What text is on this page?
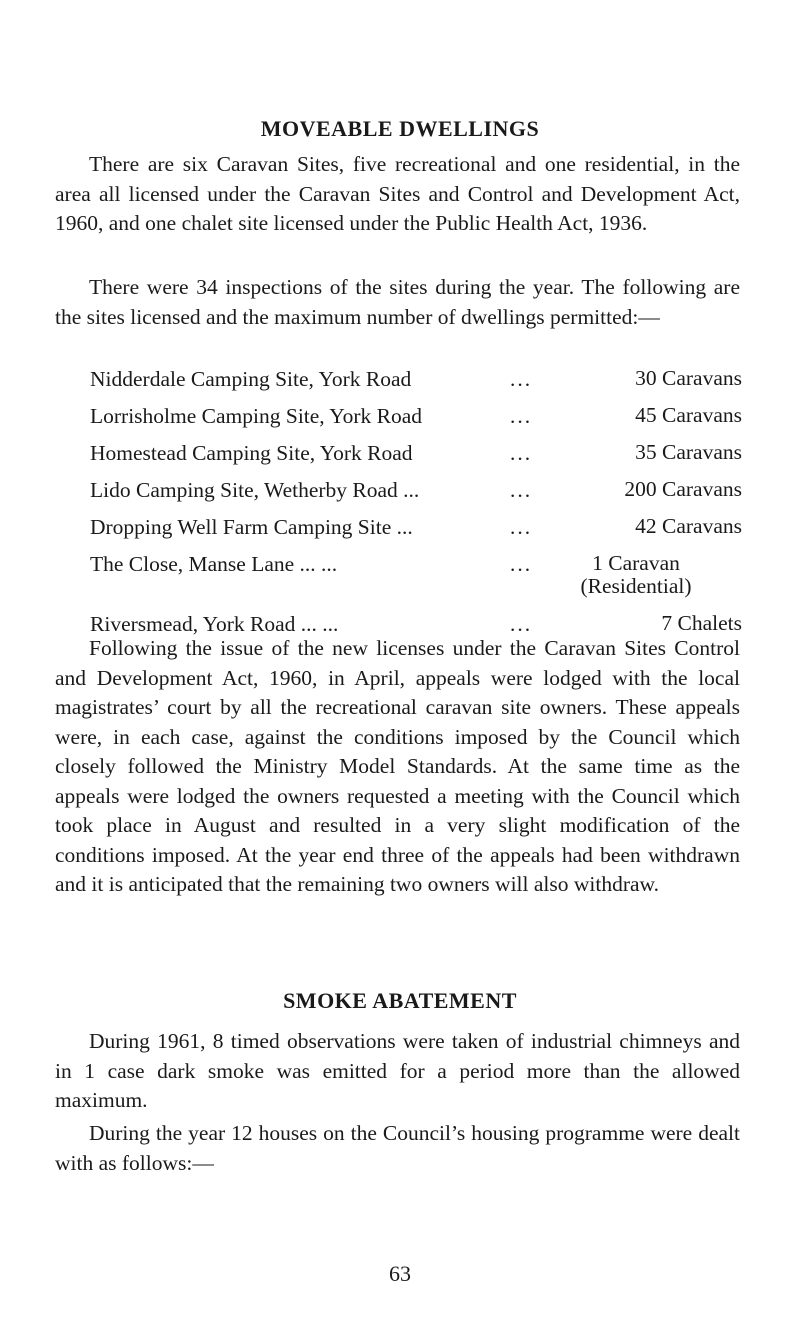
MOVEABLE DWELLINGS

There are six Caravan Sites, five recreational and one residential, in the area all licensed under the Caravan Sites and Control and Development Act, 1960, and one chalet site licensed under the Public Health Act, 1936.

There were 34 inspections of the sites during the year. The following are the sites licensed and the maximum number of dwellings permitted:—

Nidderdale Camping Site, York Road	...	30 Caravans
Lorrisholme Camping Site, York Road	...	45 Caravans
Homestead Camping Site, York Road	...	35 Caravans
Lido Camping Site, Wetherby Road ...	...	200 Caravans
Dropping Well Farm Camping Site ...	...	42 Caravans
The Close, Manse Lane ... ...	...	1 Caravan
(Residential)
Riversmead, York Road ... ...	...	7 Chalets

Following the issue of the new licenses under the Caravan Sites Control and Development Act, 1960, in April, appeals were lodged with the local magistrates’ court by all the recreational caravan site owners. These appeals were, in each case, against the conditions imposed by the Council which closely followed the Ministry Model Standards. At the same time as the appeals were lodged the owners requested a meeting with the Council which took place in August and resulted in a very slight modification of the conditions imposed. At the year end three of the appeals had been withdrawn and it is anticipated that the remaining two owners will also withdraw.

SMOKE ABATEMENT

During 1961, 8 timed observations were taken of industrial chimneys and in 1 case dark smoke was emitted for a period more than the allowed maximum.

During the year 12 houses on the Council’s housing programme were dealt with as follows:—

63
